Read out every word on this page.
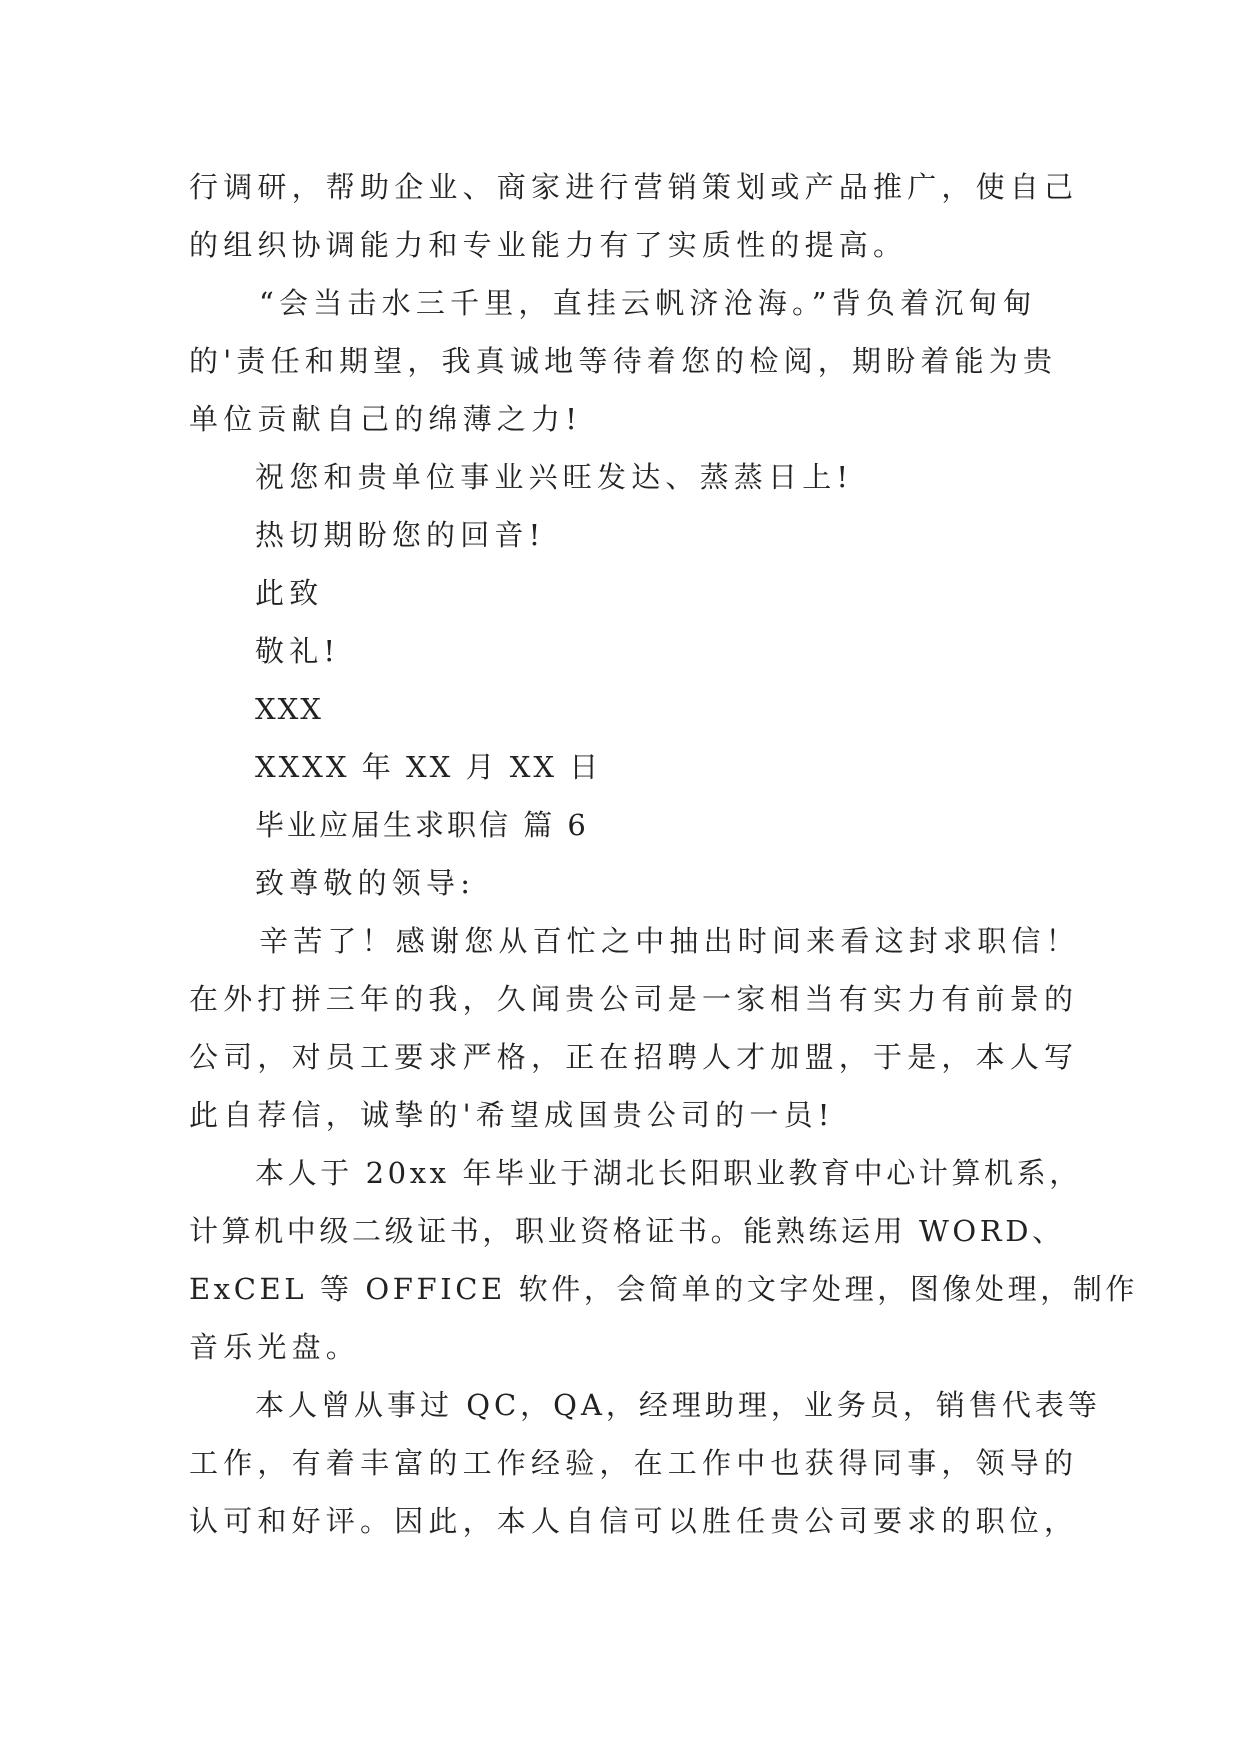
行调研，帮助企业、商家进行营销策划或产品推广，使自己
的组织协调能力和专业能力有了实质性的提高。
“会当击水三千里，直挂云帆济沧海。”背负着沉甸甸
的'责任和期望，我真诚地等待着您的检阅，期盼着能为贵
单位贡献自己的绵薄之力!
祝您和贵单位事业兴旺发达、蒸蒸日上!
热切期盼您的回音!
此致
敬礼!
XXX
XXXX 年 XX 月 XX 日
毕业应届生求职信 篇 6
致尊敬的领导:
辛苦了！感谢您从百忙之中抽出时间来看这封求职信！
在外打拼三年的我，久闻贵公司是一家相当有实力有前景的
公司，对员工要求严格，正在招聘人才加盟，于是，本人写
此自荐信，诚挚的'希望成国贵公司的一员!
本人于 20xx 年毕业于湖北长阳职业教育中心计算机系，
计算机中级二级证书，职业资格证书。能熟练运用 WORD、
ExCEL 等 OFFICE 软件，会简单的文字处理，图像处理，制作
音乐光盘。
本人曾从事过 QC，QA，经理助理，业务员，销售代表等
工作，有着丰富的工作经验，在工作中也获得同事，领导的
认可和好评。因此，本人自信可以胜任贵公司要求的职位，
